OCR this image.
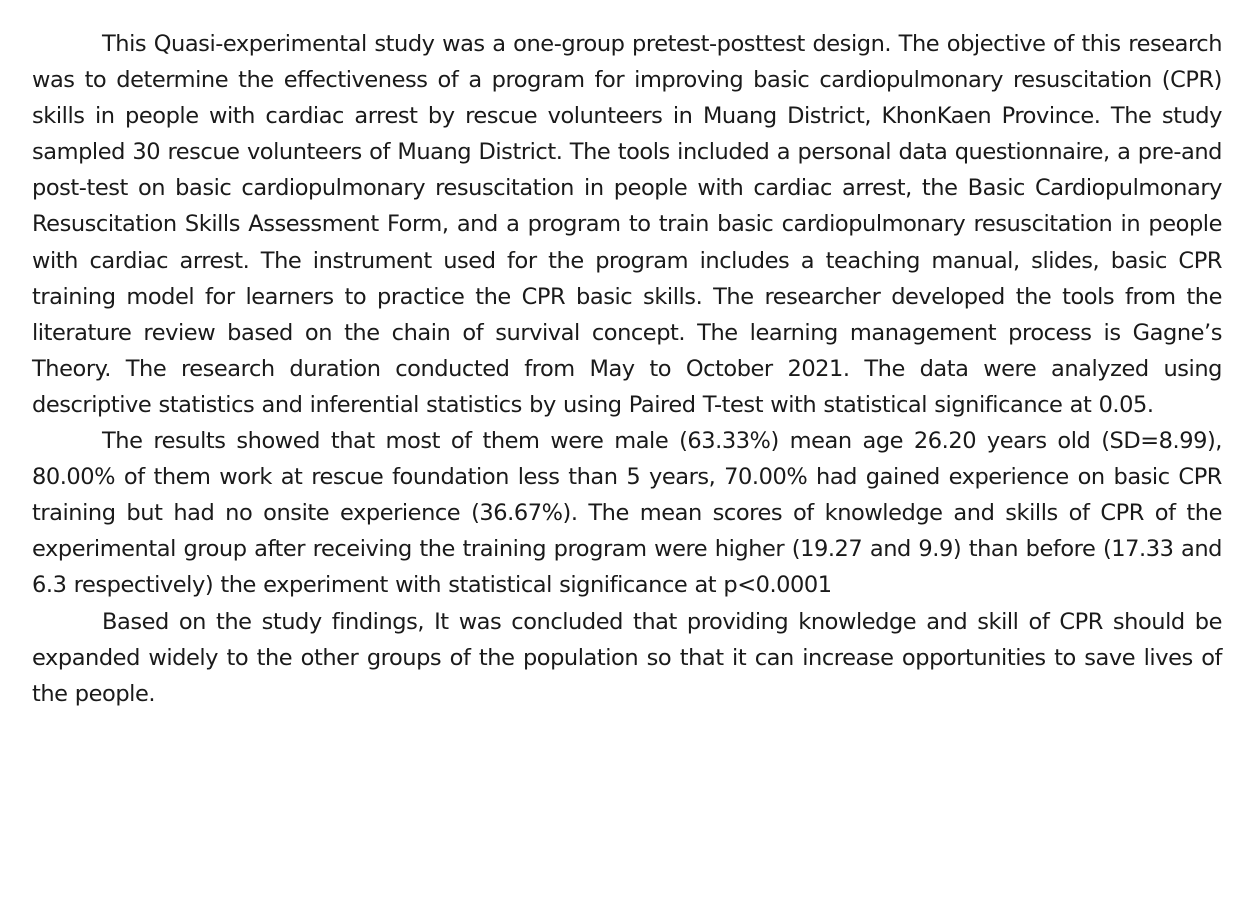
This Quasi-experimental study was a one-group pretest-posttest design. The objective of this research was to determine the effectiveness of a program for improving basic cardiopulmonary resuscitation (CPR) skills in people with cardiac arrest by rescue volunteers in Muang District, KhonKaen Province. The study sampled 30 rescue volunteers of Muang District. The tools included a personal data questionnaire, a pre-and post-test on basic cardiopulmonary resuscitation in people with cardiac arrest, the Basic Cardiopulmonary Resuscitation Skills Assessment Form, and a program to train basic cardiopulmonary resuscitation in people with cardiac arrest. The instrument used for the program includes a teaching manual, slides, basic CPR training model for learners to practice the CPR basic skills. The researcher developed the tools from the literature review based on the chain of survival concept. The learning management process is Gagne’s Theory. The research duration conducted from May to October 2021. The data were analyzed using descriptive statistics and inferential statistics by using Paired T-test with statistical significance at 0.05.

The results showed that most of them were male (63.33%) mean age 26.20 years old (SD=8.99), 80.00% of them work at rescue foundation less than 5 years, 70.00% had gained experience on basic CPR training but had no onsite experience (36.67%). The mean scores of knowledge and skills of CPR of the experimental group after receiving the training program were higher (19.27 and 9.9) than before (17.33 and 6.3 respectively) the experiment with statistical significance at p<0.0001

Based on the study findings, It was concluded that providing knowledge and skill of CPR should be expanded widely to the other groups of the population so that it can increase opportunities to save lives of the people.
